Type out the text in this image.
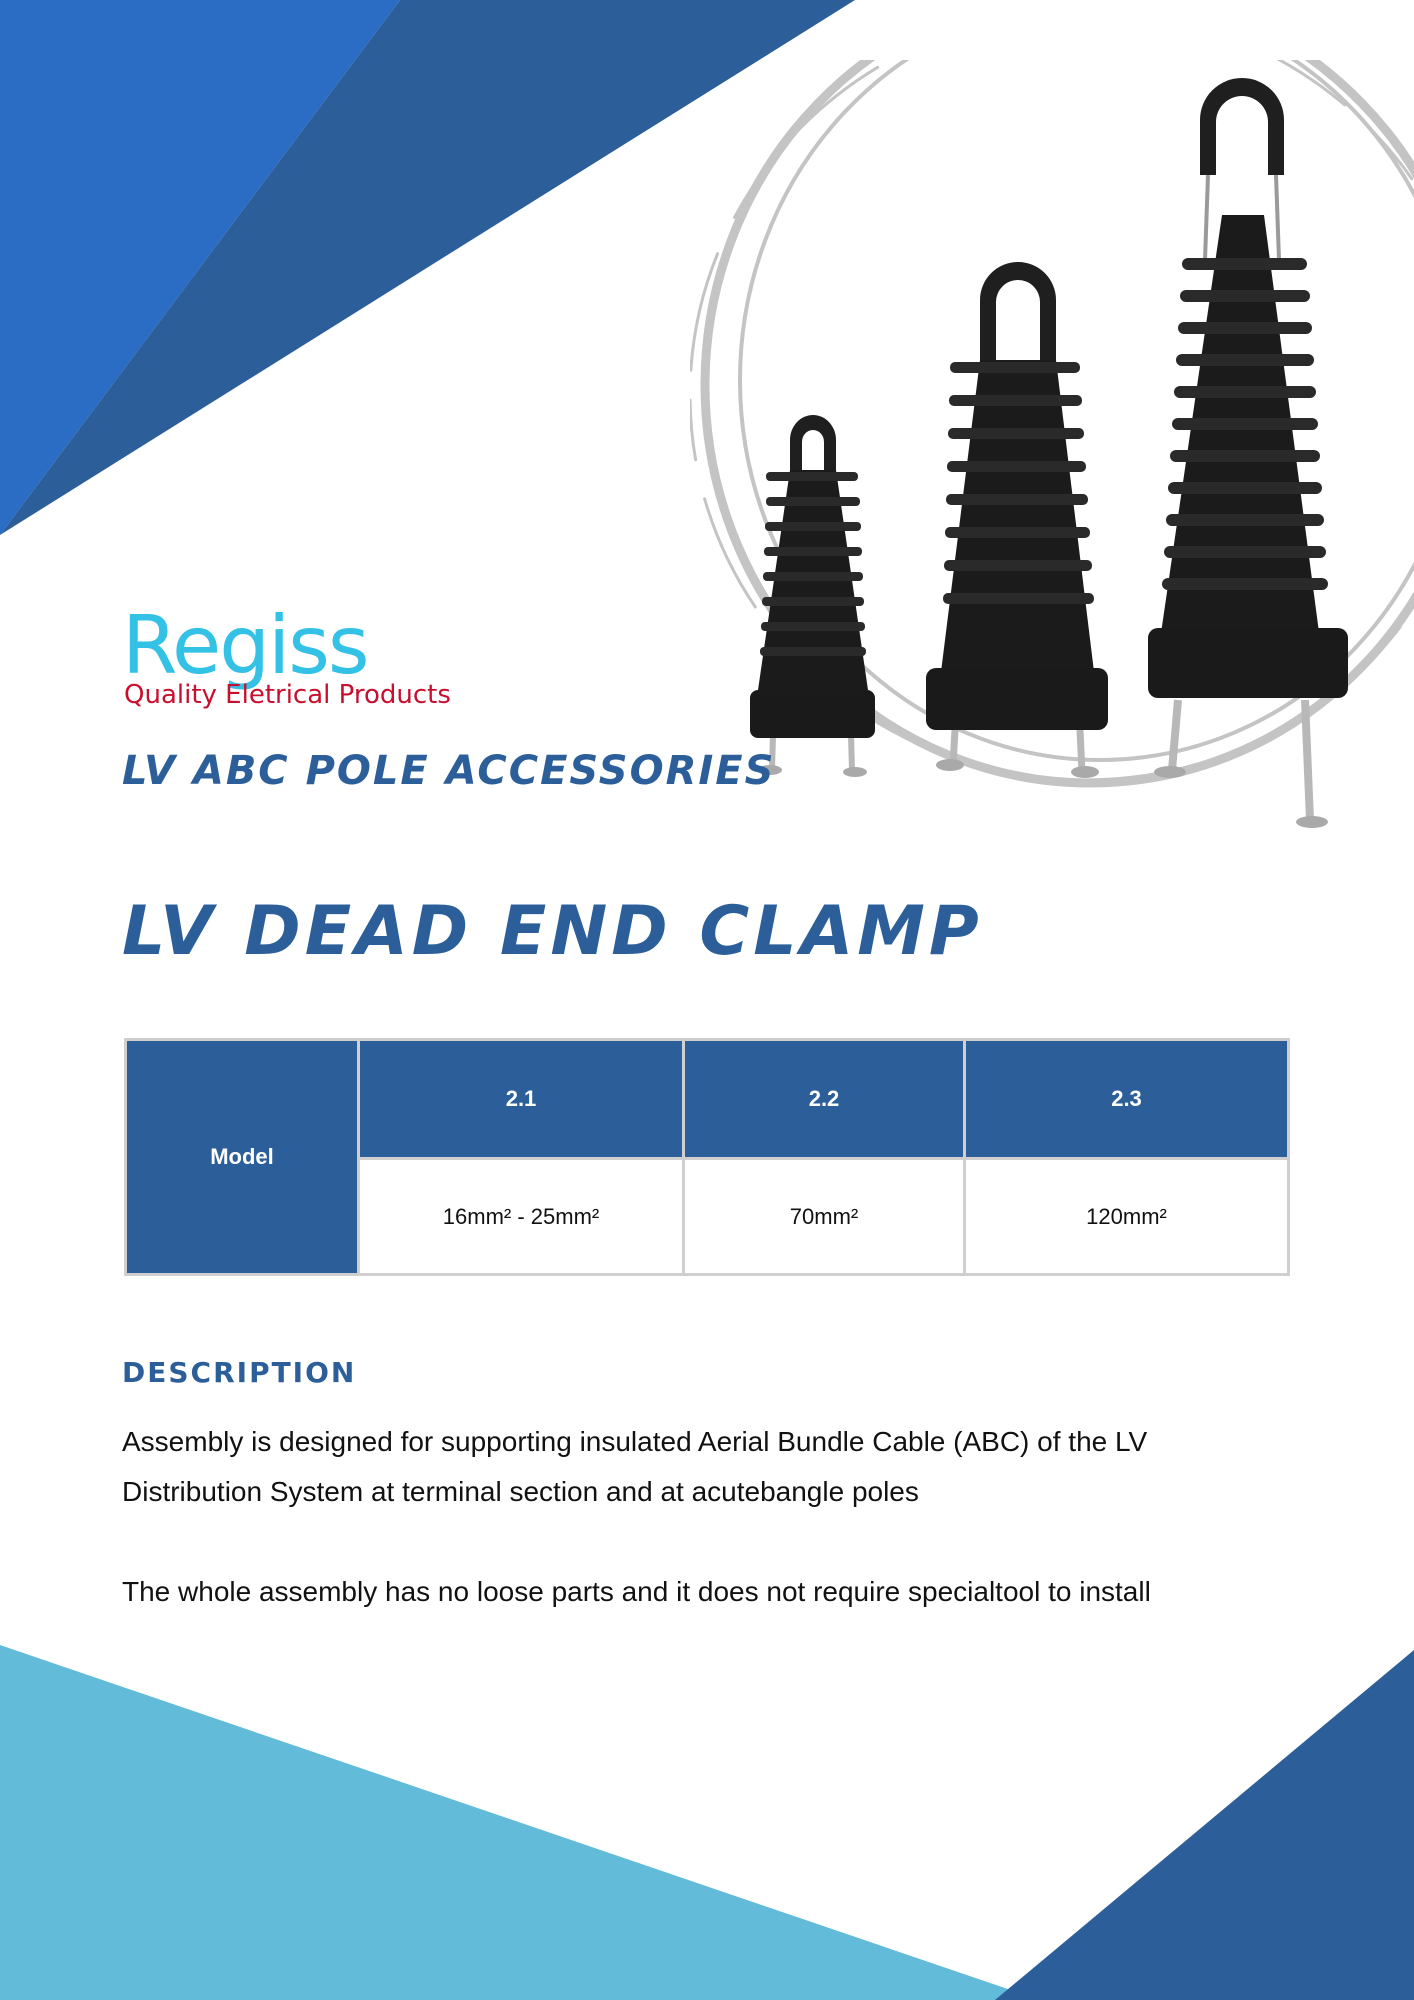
Regiss
Quality Eletrical Products
LV ABC POLE ACCESSORIES
LV DEAD END CLAMP
Model	2.1	2.2	2.3
	16mm² - 25mm²	70mm²	120mm²
DESCRIPTION

Assembly is designed for supporting insulated Aerial Bundle Cable (ABC) of the LV Distribution System at terminal section and at acutebangle poles

The whole assembly has no loose parts and it does not require specialtool to install
